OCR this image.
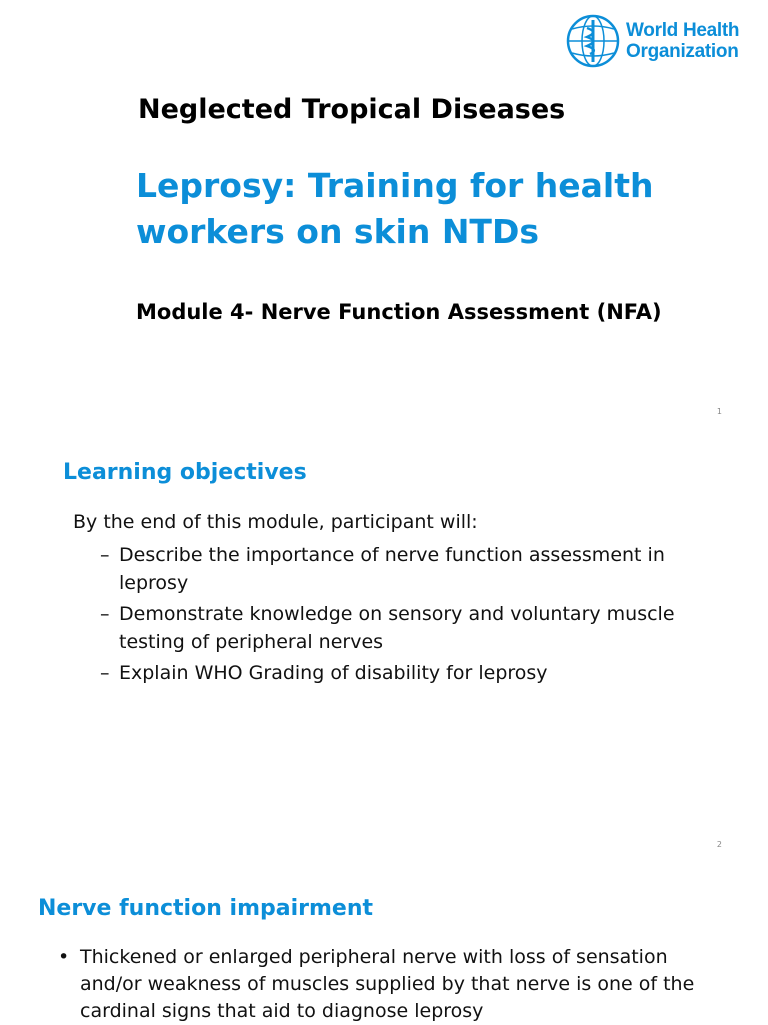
World Health
Organization
Neglected Tropical Diseases
Leprosy: Training for health workers on skin NTDs
Module 4- Nerve Function Assessment (NFA)
1
Learning objectives
By the end of this module, participant will:
– Describe the importance of nerve function assessment in leprosy
– Demonstrate knowledge on sensory and voluntary muscle testing of peripheral nerves
– Explain WHO Grading of disability for leprosy
2
Nerve function impairment
• Thickened or enlarged peripheral nerve with loss of sensation and/or weakness of muscles supplied by that nerve is one of the cardinal signs that aid to diagnose leprosy
